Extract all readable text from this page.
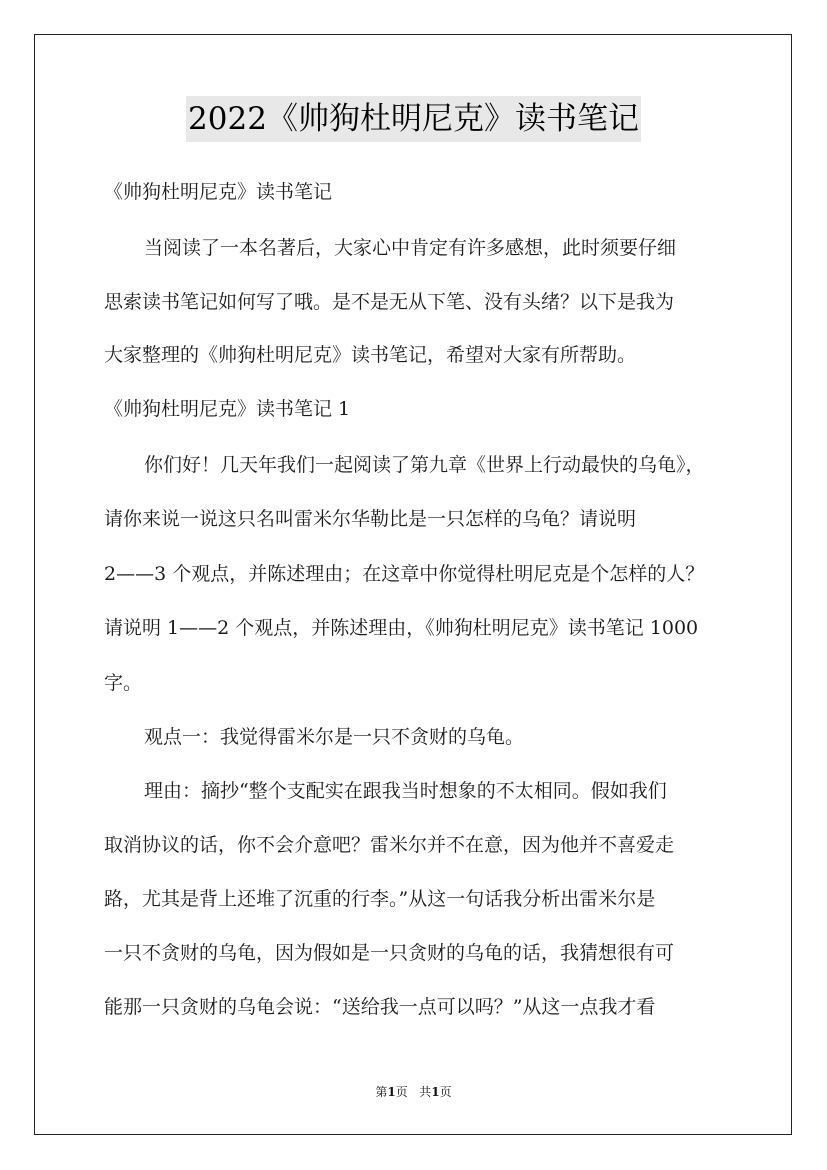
2022《帅狗杜明尼克》读书笔记
《帅狗杜明尼克》读书笔记
当阅读了一本名著后，大家心中肯定有许多感想，此时须要仔细
思索读书笔记如何写了哦。是不是无从下笔、没有头绪？以下是我为
大家整理的《帅狗杜明尼克》读书笔记，希望对大家有所帮助。
《帅狗杜明尼克》读书笔记 1
你们好！几天年我们一起阅读了第九章《世界上行动最快的乌龟》，
请你来说一说这只名叫雷米尔华勒比是一只怎样的乌龟？请说明
2——3 个观点，并陈述理由；在这章中你觉得杜明尼克是个怎样的人？
请说明 1——2 个观点，并陈述理由，《帅狗杜明尼克》读书笔记 1000
字。
观点一：我觉得雷米尔是一只不贪财的乌龟。
理由：摘抄“整个支配实在跟我当时想象的不太相同。假如我们
取消协议的话，你不会介意吧？雷米尔并不在意，因为他并不喜爱走
路，尤其是背上还堆了沉重的行李。”从这一句话我分析出雷米尔是
一只不贪财的乌龟，因为假如是一只贪财的乌龟的话，我猜想很有可
能那一只贪财的乌龟会说：“送给我一点可以吗？”从这一点我才看
第1页 共1页
